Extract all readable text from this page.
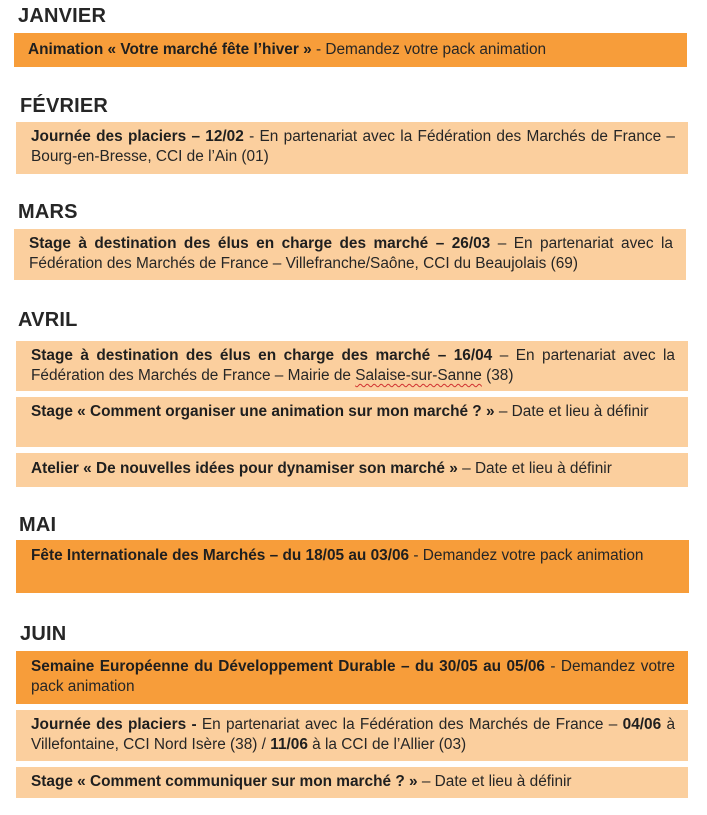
JANVIER
Animation « Votre marché fête l’hiver » - Demandez votre pack animation
FÉVRIER
Journée des placiers – 12/02 - En partenariat avec la Fédération des Marchés de France – Bourg-en-Bresse, CCI de l’Ain (01)
MARS
Stage à destination des élus en charge des marché – 26/03 – En partenariat avec la Fédération des Marchés de France – Villefranche/Saône, CCI du Beaujolais (69)
AVRIL
Stage à destination des élus en charge des marché – 16/04 – En partenariat avec la Fédération des Marchés de France – Mairie de Salaise-sur-Sanne (38)
Stage « Comment organiser une animation sur mon marché ? » – Date et lieu à définir
Atelier « De nouvelles idées pour dynamiser son marché » – Date et lieu à définir
MAI
Fête Internationale des Marchés – du 18/05 au 03/06 - Demandez votre pack animation
JUIN
Semaine Européenne du Développement Durable – du 30/05 au 05/06 - Demandez votre pack animation
Journée des placiers - En partenariat avec la Fédération des Marchés de France – 04/06 à Villefontaine, CCI Nord Isère (38) / 11/06 à la CCI de l’Allier (03)
Stage « Comment communiquer sur mon marché ? » – Date et lieu à définir
